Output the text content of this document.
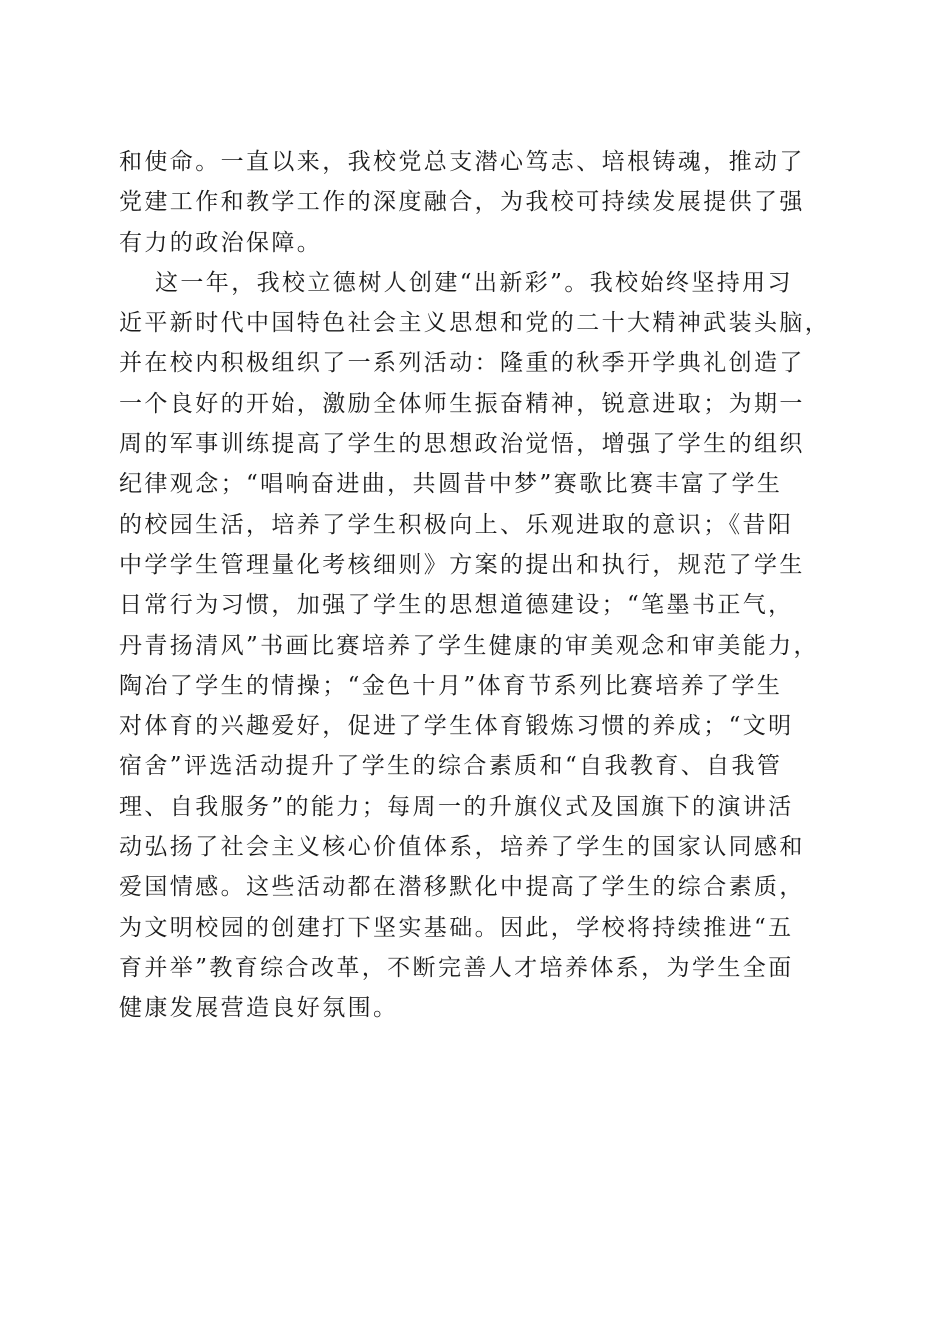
和使命。一直以来，我校党总支潜心笃志、培根铸魂，推动了
党建工作和教学工作的深度融合，为我校可持续发展提供了强
有力的政治保障。
这一年，我校立德树人创建“出新彩”。我校始终坚持用习
近平新时代中国特色社会主义思想和党的二十大精神武装头脑，
并在校内积极组织了一系列活动：隆重的秋季开学典礼创造了
一个良好的开始，激励全体师生振奋精神，锐意进取；为期一
周的军事训练提高了学生的思想政治觉悟，增强了学生的组织
纪律观念；“唱响奋进曲，共圆昔中梦”赛歌比赛丰富了学生
的校园生活，培养了学生积极向上、乐观进取的意识；《昔阳
中学学生管理量化考核细则》方案的提出和执行，规范了学生
日常行为习惯，加强了学生的思想道德建设；“笔墨书正气，
丹青扬清风”书画比赛培养了学生健康的审美观念和审美能力，
陶冶了学生的情操；“金色十月”体育节系列比赛培养了学生
对体育的兴趣爱好，促进了学生体育锻炼习惯的养成；“文明
宿舍”评选活动提升了学生的综合素质和“自我教育、自我管
理、自我服务”的能力；每周一的升旗仪式及国旗下的演讲活
动弘扬了社会主义核心价值体系，培养了学生的国家认同感和
爱国情感。这些活动都在潜移默化中提高了学生的综合素质，
为文明校园的创建打下坚实基础。因此，学校将持续推进“五
育并举”教育综合改革，不断完善人才培养体系，为学生全面
健康发展营造良好氛围。
